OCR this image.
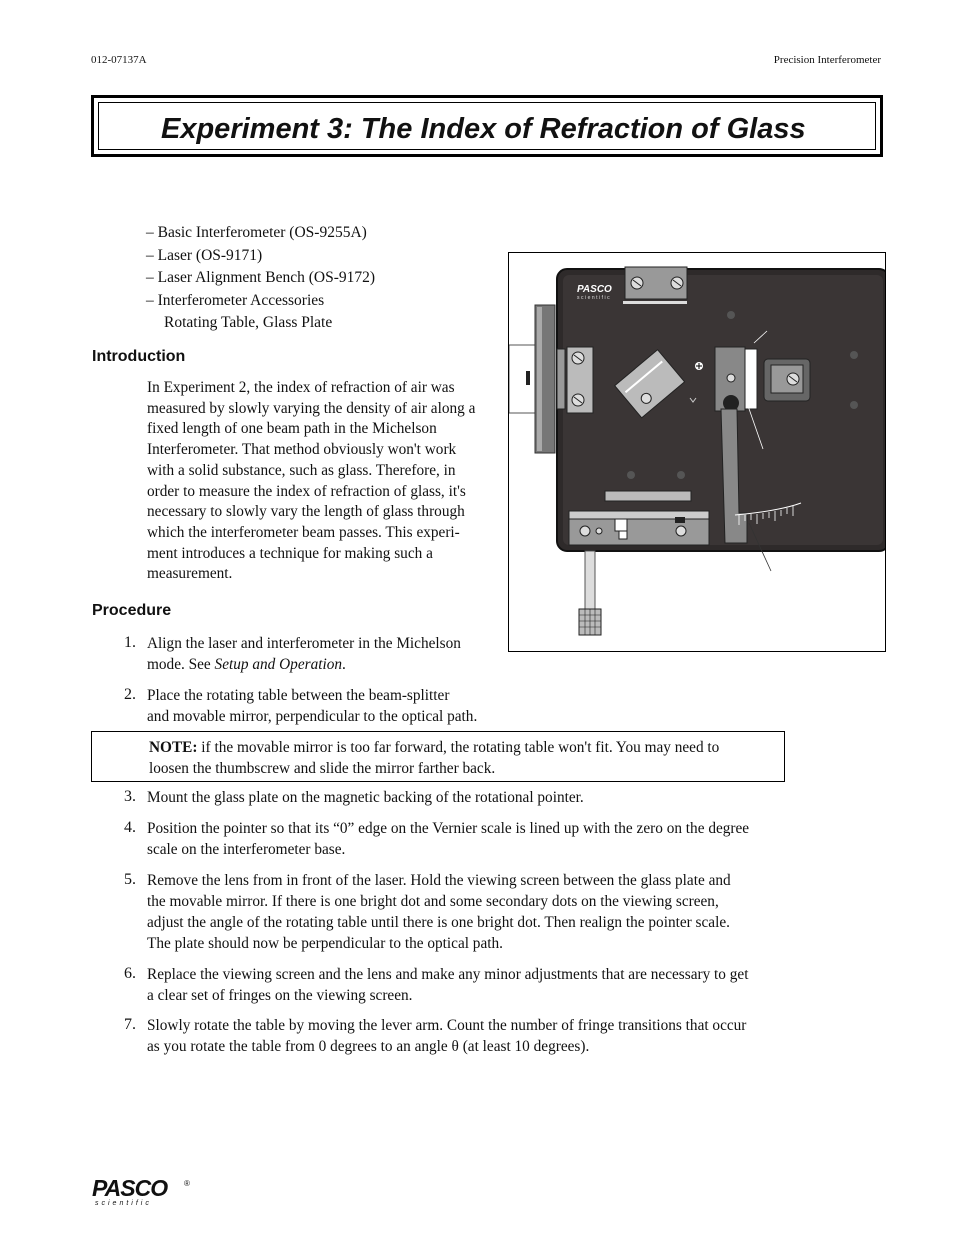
012-07137A	Precision Interferometer
Experiment 3: The Index of Refraction of Glass
– Basic Interferometer (OS-9255A)
– Laser (OS-9171)
– Laser Alignment Bench (OS-9172)
– Interferometer Accessories
Rotating Table, Glass Plate
Introduction
In Experiment 2, the index of refraction of air was
measured by slowly varying the density of air along a
fixed length of one beam path in the Michelson
Interferometer. That method obviously won't work
with a solid substance, such as glass. Therefore, in
order to measure the index of refraction of glass, it's
necessary to slowly vary the length of glass through
which the interferometer beam passes. This experi-
ment introduces a technique for making such a
measurement.
Procedure
1. Align the laser and interferometer in the Michelson
mode. See Setup and Operation.
2. Place the rotating table between the beam-splitter
and movable mirror, perpendicular to the optical path.
NOTE: if the movable mirror is too far forward, the rotating table won't fit. You may need to
loosen the thumbscrew and slide the mirror farther back.
3. Mount the glass plate on the magnetic backing of the rotational pointer.
4. Position the pointer so that its “0” edge on the Vernier scale is lined up with the zero on the degree
scale on the interferometer base.
5. Remove the lens from in front of the laser. Hold the viewing screen between the glass plate and
the movable mirror. If there is one bright dot and some secondary dots on the viewing screen,
adjust the angle of the rotating table until there is one bright dot. Then realign the pointer scale.
The plate should now be perpendicular to the optical path.
6. Replace the viewing screen and the lens and make any minor adjustments that are necessary to get
a clear set of fringes on the viewing screen.
7. Slowly rotate the table by moving the lever arm. Count the number of fringe transitions that occur
as you rotate the table from 0 degrees to an angle θ (at least 10 degrees).
PASCO
scientific
PASCO
scientific
®
